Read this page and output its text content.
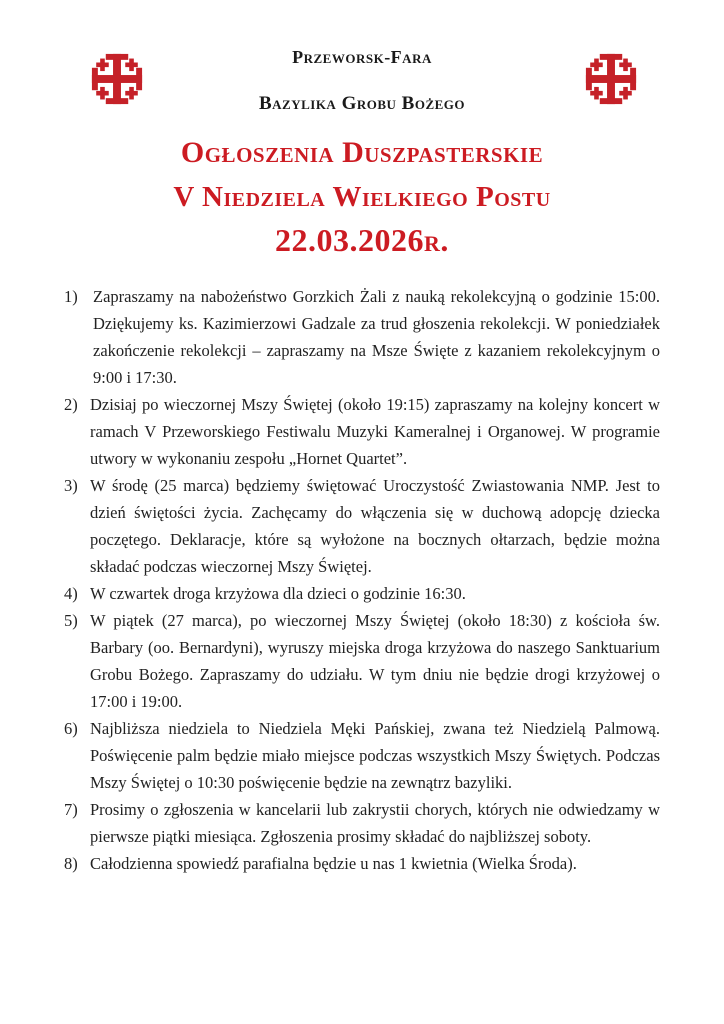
Przeworsk-Fara
Bazylika Grobu Bożego
Ogłoszenia Duszpasterskie
V Niedziela Wielkiego Postu
22.03.2026r.
1) Zapraszamy na nabożeństwo Gorzkich Żali z nauką rekolekcyjną o godzinie 15:00. Dziękujemy ks. Kazimierzowi Gadzale za trud głoszenia rekolekcji. W poniedziałek zakończenie rekolekcji – zapraszamy na Msze Święte z kazaniem rekolekcyjnym o 9:00 i 17:30.
2) Dzisiaj po wieczornej Mszy Świętej (około 19:15) zapraszamy na kolejny koncert w ramach V Przeworskiego Festiwalu Muzyki Kameralnej i Organowej. W programie utwory w wykonaniu zespołu „Hornet Quartet”.
3) W środę (25 marca) będziemy świętować Uroczystość Zwiastowania NMP. Jest to dzień świętości życia. Zachęcamy do włączenia się w duchową adopcję dziecka poczętego. Deklaracje, które są wyłożone na bocznych ołtarzach, będzie można składać podczas wieczornej Mszy Świętej.
4) W czwartek droga krzyżowa dla dzieci o godzinie 16:30.
5) W piątek (27 marca), po wieczornej Mszy Świętej (około 18:30) z kościoła św. Barbary (oo. Bernardyni), wyruszy miejska droga krzyżowa do naszego Sanktuarium Grobu Bożego. Zapraszamy do udziału. W tym dniu nie będzie drogi krzyżowej o 17:00 i 19:00.
6) Najbliższa niedziela to Niedziela Męki Pańskiej, zwana też Niedzielą Palmową. Poświęcenie palm będzie miało miejsce podczas wszystkich Mszy Świętych. Podczas Mszy Świętej o 10:30 poświęcenie będzie na zewnątrz bazyliki.
7) Prosimy o zgłoszenia w kancelarii lub zakrystii chorych, których nie odwiedzamy w pierwsze piątki miesiąca. Zgłoszenia prosimy składać do najbliższej soboty.
8) Całodzienna spowiedź parafialna będzie u nas 1 kwietnia (Wielka Środa).
